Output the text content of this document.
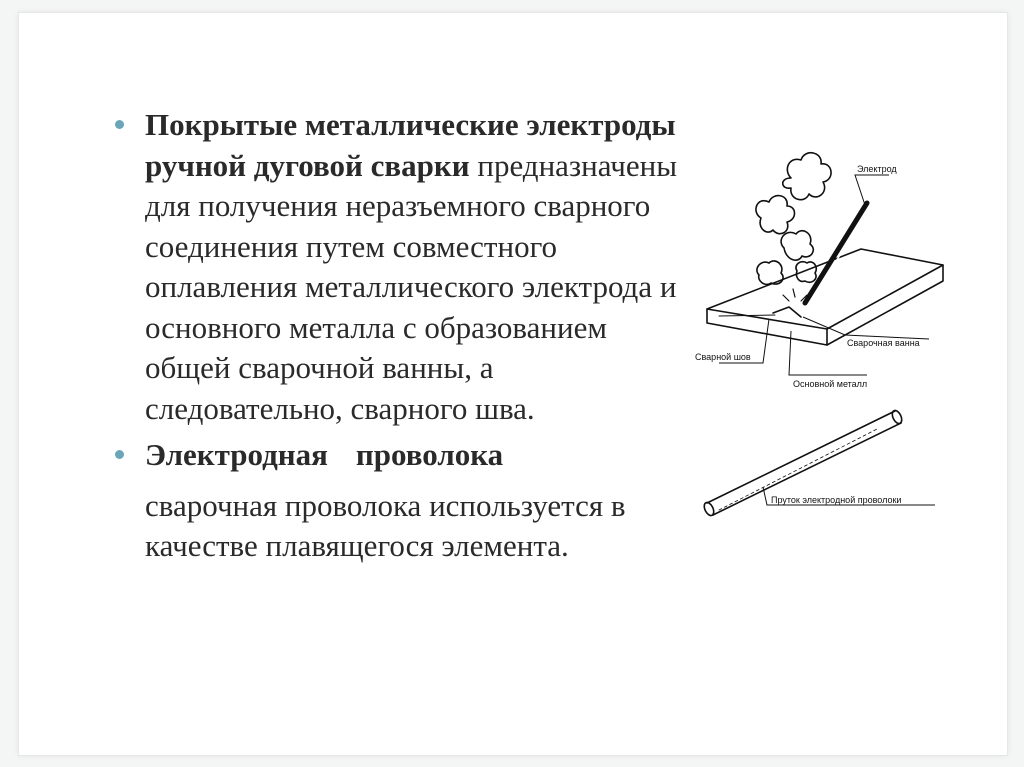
Покрытые металлические электроды ручной дуговой сварки предназначены для получения неразъемного сварного соединения путем совместного оплавления металлического электрода и основного металла с образованием общей сварочной ванны, а следовательно, сварного шва.
Электродная проволока
сварочная проволока используется в качестве плавящегося элемента.
Электрод
Сварочная ванна
Сварной шов
Основной металл
Пруток электродной проволоки
